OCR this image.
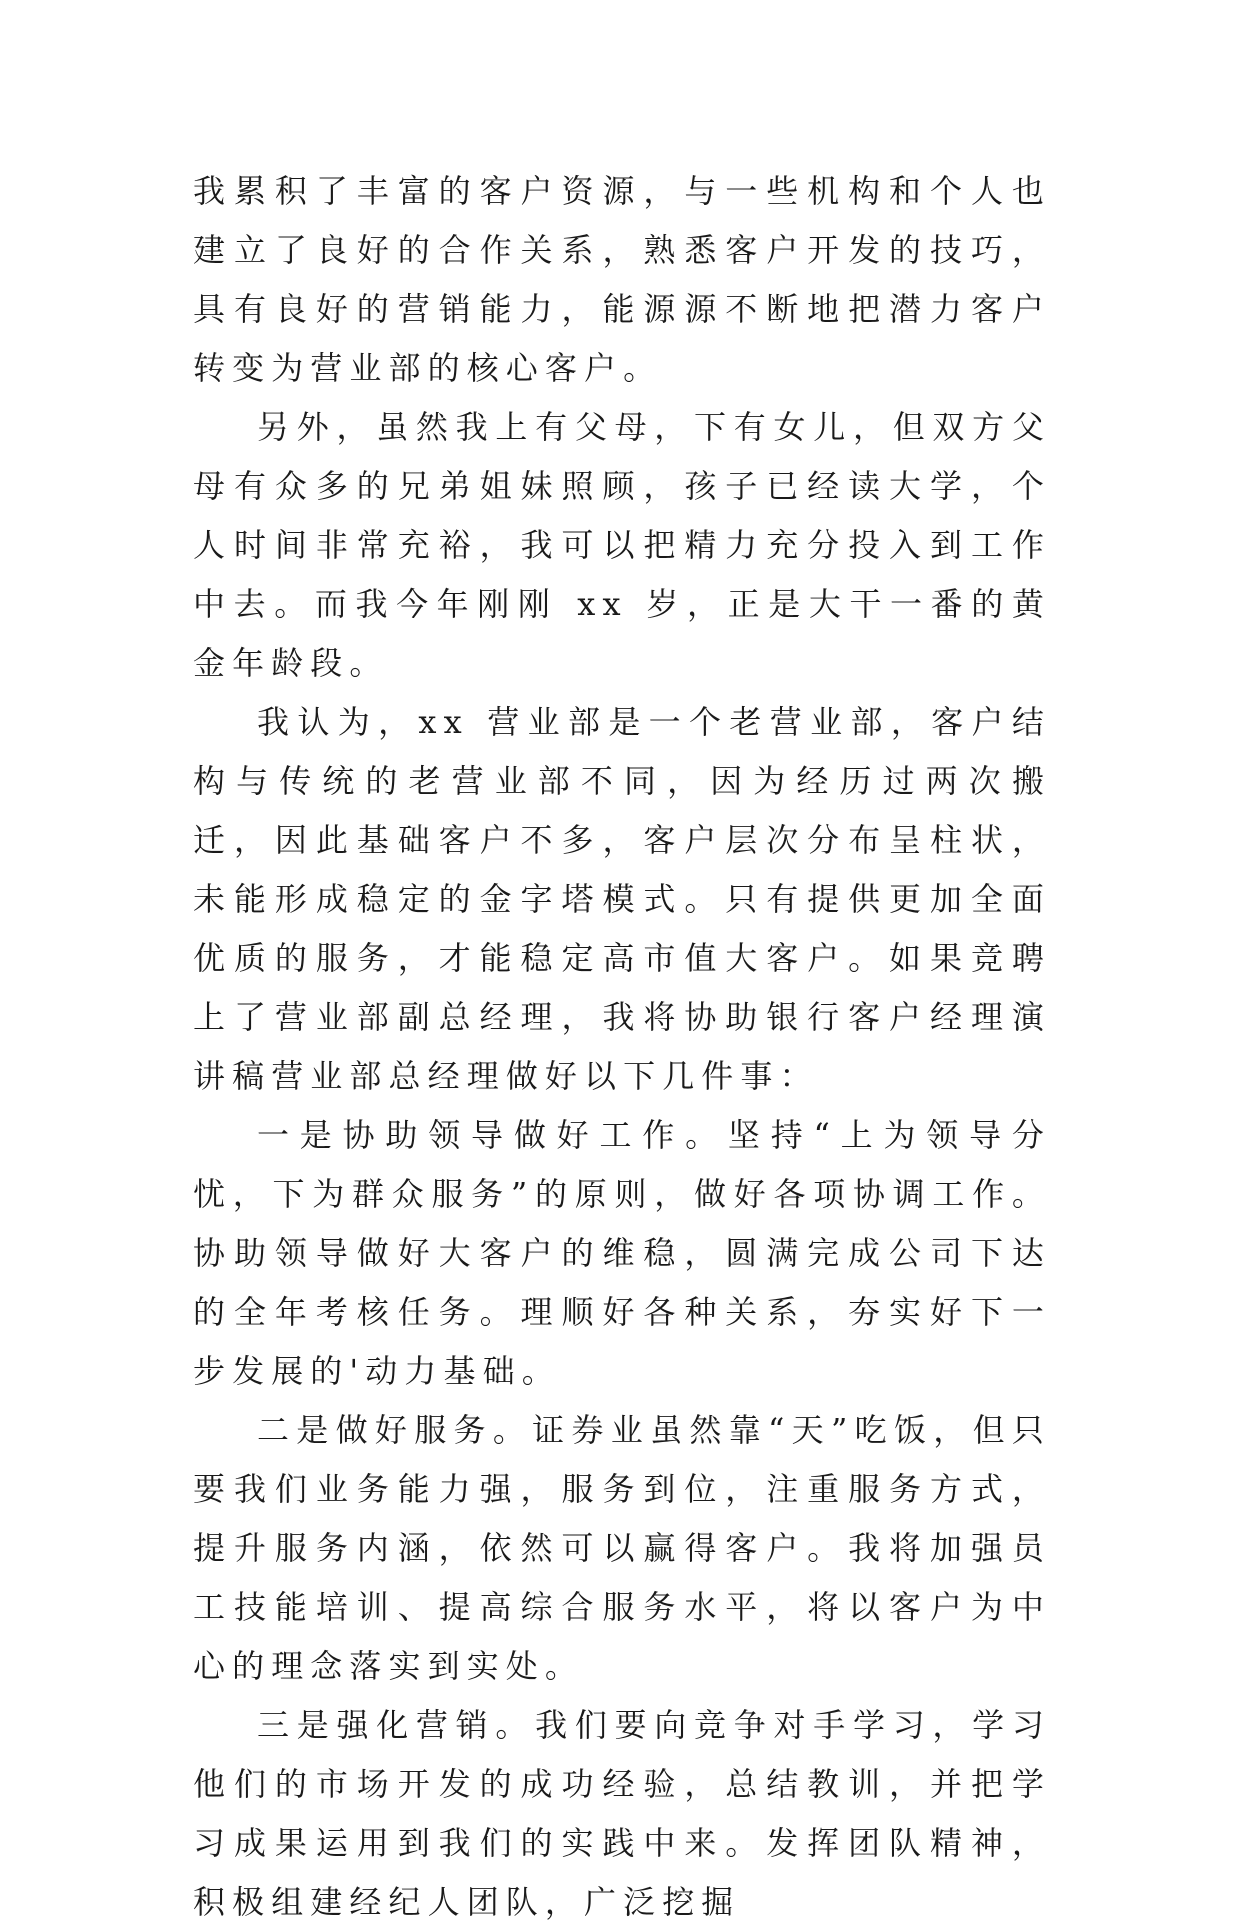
我累积了丰富的客户资源，与一些机构和个人也建立了良好的合作关系，熟悉客户开发的技巧，具有良好的营销能力，能源源不断地把潜力客户转变为营业部的核心客户。

另外，虽然我上有父母，下有女儿，但双方父母有众多的兄弟姐妹照顾，孩子已经读大学，个人时间非常充裕，我可以把精力充分投入到工作中去。而我今年刚刚 xx 岁，正是大干一番的黄金年龄段。

我认为，xx 营业部是一个老营业部，客户结构与传统的老营业部不同，因为经历过两次搬迁，因此基础客户不多，客户层次分布呈柱状，未能形成稳定的金字塔模式。只有提供更加全面优质的服务，才能稳定高市值大客户。如果竞聘上了营业部副总经理，我将协助银行客户经理演讲稿营业部总经理做好以下几件事：

一是协助领导做好工作。坚持“上为领导分忧，下为群众服务”的原则，做好各项协调工作。协助领导做好大客户的维稳，圆满完成公司下达的全年考核任务。理顺好各种关系，夯实好下一步发展的'动力基础。

二是做好服务。证券业虽然靠“天”吃饭，但只要我们业务能力强，服务到位，注重服务方式，提升服务内涵，依然可以赢得客户。我将加强员工技能培训、提高综合服务水平，将以客户为中心的理念落实到实处。

三是强化营销。我们要向竞争对手学习，学习他们的市场开发的成功经验，总结教训，并把学习成果运用到我们的实践中来。发挥团队精神，积极组建经纪人团队，广泛挖掘
